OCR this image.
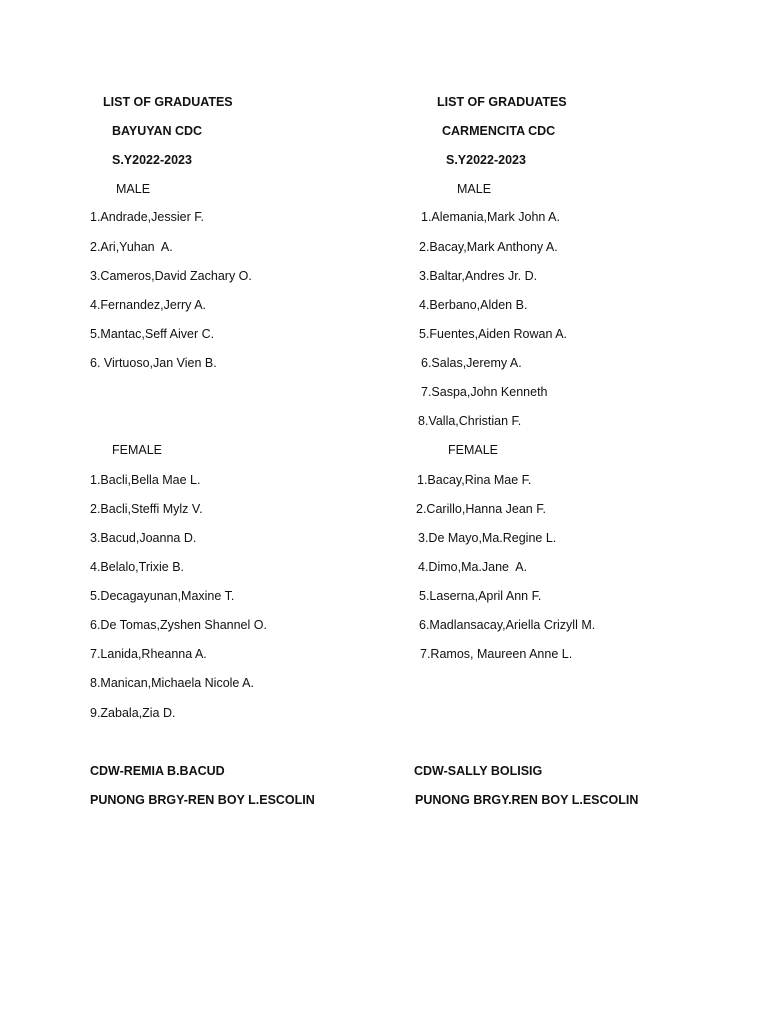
LIST OF GRADUATES
BAYUYAN CDC
S.Y2022-2023
MALE
1.Andrade,Jessier F.
2.Ari,Yuhan  A.
3.Cameros,David Zachary O.
4.Fernandez,Jerry A.
5.Mantac,Seff Aiver C.
6. Virtuoso,Jan Vien B.
FEMALE
1.Bacli,Bella Mae L.
2.Bacli,Steffi Mylz V.
3.Bacud,Joanna D.
4.Belalo,Trixie B.
5.Decagayunan,Maxine T.
6.De Tomas,Zyshen Shannel O.
7.Lanida,Rheanna A.
8.Manican,Michaela Nicole A.
9.Zabala,Zia D.
CDW-REMIA B.BACUD
PUNONG BRGY-REN BOY L.ESCOLIN
LIST OF GRADUATES
CARMENCITA CDC
S.Y2022-2023
MALE
1.Alemania,Mark John A.
2.Bacay,Mark Anthony A.
3.Baltar,Andres Jr. D.
4.Berbano,Alden B.
5.Fuentes,Aiden Rowan A.
6.Salas,Jeremy A.
7.Saspa,John Kenneth
8.Valla,Christian F.
FEMALE
1.Bacay,Rina Mae F.
2.Carillo,Hanna Jean F.
3.De Mayo,Ma.Regine L.
4.Dimo,Ma.Jane  A.
5.Laserna,April Ann F.
6.Madlansacay,Ariella Crizyll M.
7.Ramos, Maureen Anne L.
CDW-SALLY BOLISIG
PUNONG BRGY.REN BOY L.ESCOLIN
